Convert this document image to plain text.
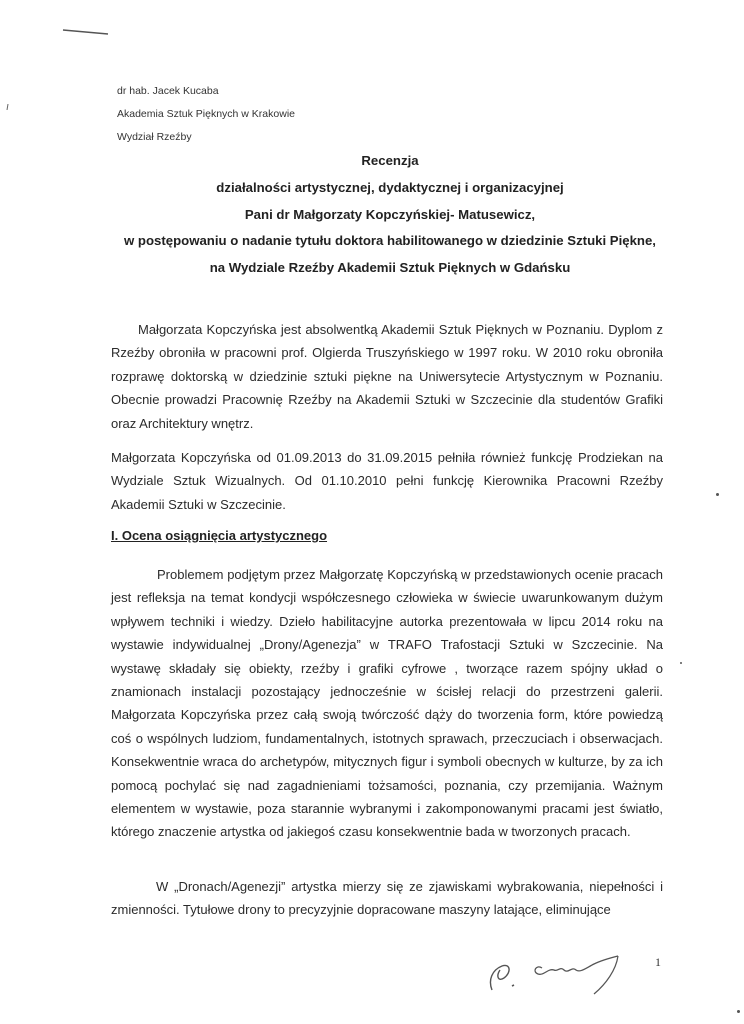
dr hab. Jacek Kucaba
Akademia Sztuk Pięknych w Krakowie
Wydział Rzeźby
Recenzja
działalności artystycznej, dydaktycznej i organizacyjnej
Pani dr Małgorzaty Kopczyńskiej- Matusewicz,
w postępowaniu o nadanie tytułu doktora habilitowanego w dziedzinie Sztuki Piękne,
na Wydziale Rzeźby Akademii Sztuk Pięknych w Gdańsku
Małgorzata Kopczyńska jest absolwentką Akademii Sztuk Pięknych w Poznaniu. Dyplom z Rzeźby obroniła w pracowni prof. Olgierda Truszyńskiego w 1997 roku. W 2010 roku obroniła rozprawę doktorską w dziedzinie sztuki piękne na Uniwersytecie Artystycznym w Poznaniu. Obecnie prowadzi Pracownię Rzeźby na Akademii Sztuki w Szczecinie dla studentów Grafiki oraz Architektury wnętrz.
Małgorzata Kopczyńska od 01.09.2013 do 31.09.2015 pełniła również funkcję Prodziekan na Wydziale Sztuk Wizualnych. Od 01.10.2010 pełni funkcję Kierownika Pracowni Rzeźby Akademii Sztuki w Szczecinie.
I. Ocena osiągnięcia artystycznego
Problemem podjętym przez Małgorzatę Kopczyńską w przedstawionych ocenie pracach jest refleksja na temat kondycji współczesnego człowieka w świecie uwarunkowanym dużym wpływem techniki i wiedzy. Dzieło habilitacyjne autorka prezentowała w lipcu 2014 roku na wystawie indywidualnej „Drony/Agenezja” w TRAFO Trafostacji Sztuki w Szczecinie. Na wystawę składały się obiekty, rzeźby i grafiki cyfrowe , tworzące razem spójny układ o znamionach instalacji pozostający jednocześnie w ścisłej relacji do przestrzeni galerii. Małgorzata Kopczyńska przez całą swoją twórczość dąży do tworzenia form, które powiedzą coś o wspólnych ludziom, fundamentalnych, istotnych sprawach, przeczuciach i obserwacjach. Konsekwentnie wraca do archetypów, mitycznych figur i symboli obecnych w kulturze, by za ich pomocą pochylać się nad zagadnieniami tożsamości, poznania, czy przemijania. Ważnym elementem w wystawie, poza starannie wybranymi i zakomponowanymi pracami jest światło, którego znaczenie artystka od jakiegoś czasu konsekwentnie bada w tworzonych pracach.
W „Dronach/Agenezji” artystka mierzy się ze zjawiskami wybrakowania, niepełności i zmienności. Tytułowe drony to precyzyjnie dopracowane maszyny latające, eliminujące
1
